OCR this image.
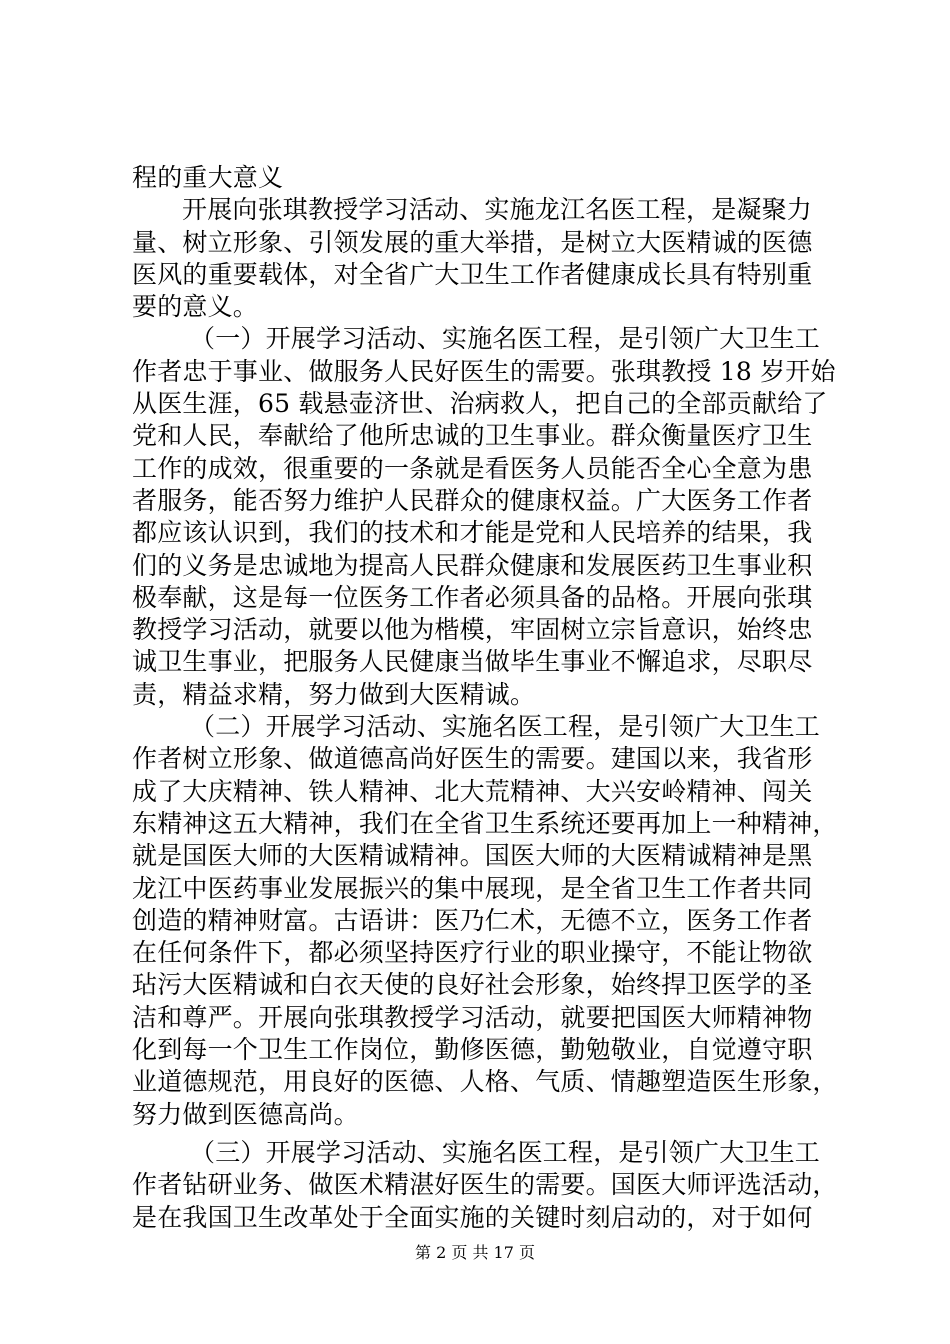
程的重大意义
开展向张琪教授学习活动、实施龙江名医工程，是凝聚力
量、树立形象、引领发展的重大举措，是树立大医精诚的医德
医风的重要载体，对全省广大卫生工作者健康成长具有特别重
要的意义。
（一）开展学习活动、实施名医工程，是引领广大卫生工
作者忠于事业、做服务人民好医生的需要。张琪教授 18 岁开始
从医生涯，65 载悬壶济世、治病救人，把自己的全部贡献给了
党和人民，奉献给了他所忠诚的卫生事业。群众衡量医疗卫生
工作的成效，很重要的一条就是看医务人员能否全心全意为患
者服务，能否努力维护人民群众的健康权益。广大医务工作者
都应该认识到，我们的技术和才能是党和人民培养的结果，我
们的义务是忠诚地为提高人民群众健康和发展医药卫生事业积
极奉献，这是每一位医务工作者必须具备的品格。开展向张琪
教授学习活动，就要以他为楷模，牢固树立宗旨意识，始终忠
诚卫生事业，把服务人民健康当做毕生事业不懈追求，尽职尽
责，精益求精，努力做到大医精诚。
（二）开展学习活动、实施名医工程，是引领广大卫生工
作者树立形象、做道德高尚好医生的需要。建国以来，我省形
成了大庆精神、铁人精神、北大荒精神、大兴安岭精神、闯关
东精神这五大精神，我们在全省卫生系统还要再加上一种精神，
就是国医大师的大医精诚精神。国医大师的大医精诚精神是黑
龙江中医药事业发展振兴的集中展现，是全省卫生工作者共同
创造的精神财富。古语讲：医乃仁术，无德不立，医务工作者
在任何条件下，都必须坚持医疗行业的职业操守，不能让物欲
玷污大医精诚和白衣天使的良好社会形象，始终捍卫医学的圣
洁和尊严。开展向张琪教授学习活动，就要把国医大师精神物
化到每一个卫生工作岗位，勤修医德，勤勉敬业，自觉遵守职
业道德规范，用良好的医德、人格、气质、情趣塑造医生形象，
努力做到医德高尚。
（三）开展学习活动、实施名医工程，是引领广大卫生工
作者钻研业务、做医术精湛好医生的需要。国医大师评选活动，
是在我国卫生改革处于全面实施的关键时刻启动的，对于如何
第 2 页 共 17 页
